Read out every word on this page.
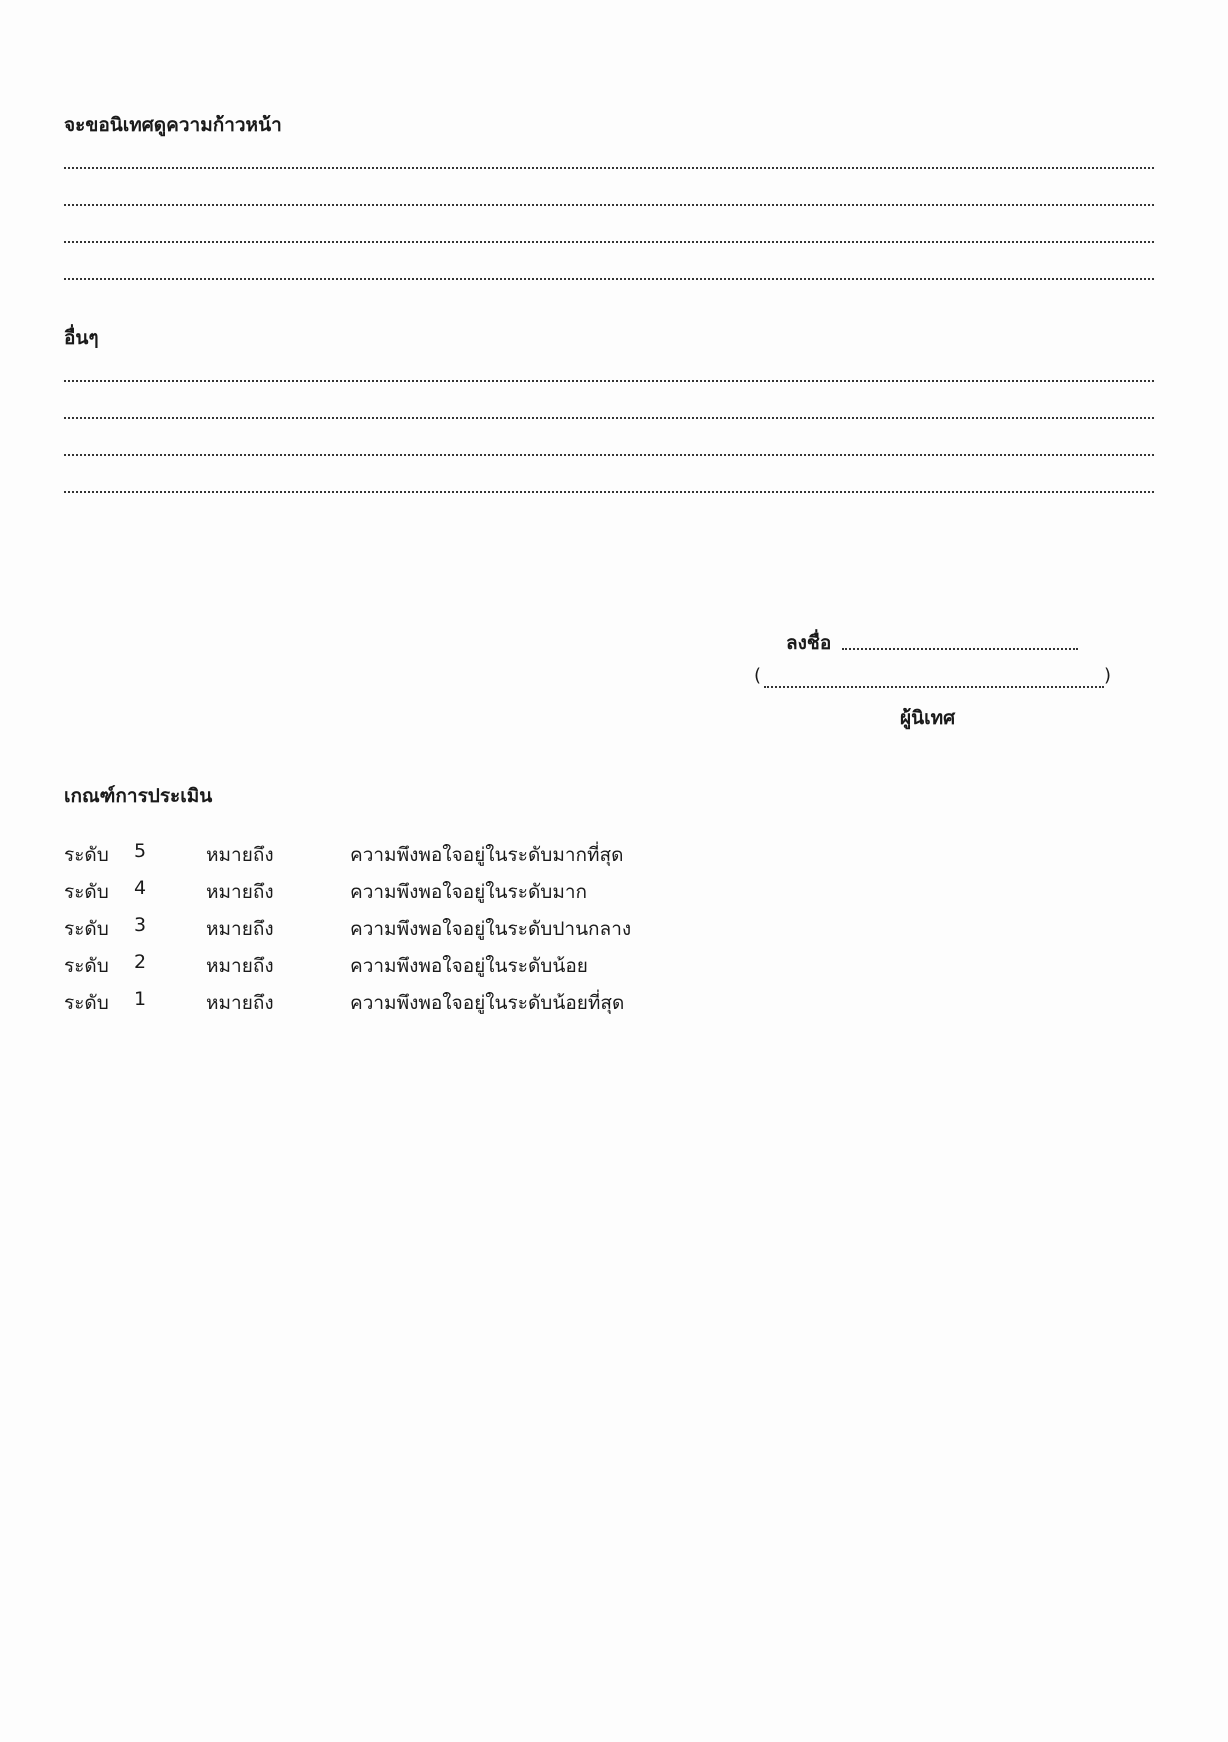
จะขอนิเทศดูความก้าวหน้า
อื่นๆ
ลงชื่อ
(	)
ผู้นิเทศ
เกณฑ์การประเมิน
ระดับ 5	หมายถึง	ความพึงพอใจอยู่ในระดับมากที่สุด
ระดับ 4	หมายถึง	ความพึงพอใจอยู่ในระดับมาก
ระดับ 3	หมายถึง	ความพึงพอใจอยู่ในระดับปานกลาง
ระดับ 2	หมายถึง	ความพึงพอใจอยู่ในระดับน้อย
ระดับ 1	หมายถึง	ความพึงพอใจอยู่ในระดับน้อยที่สุด
